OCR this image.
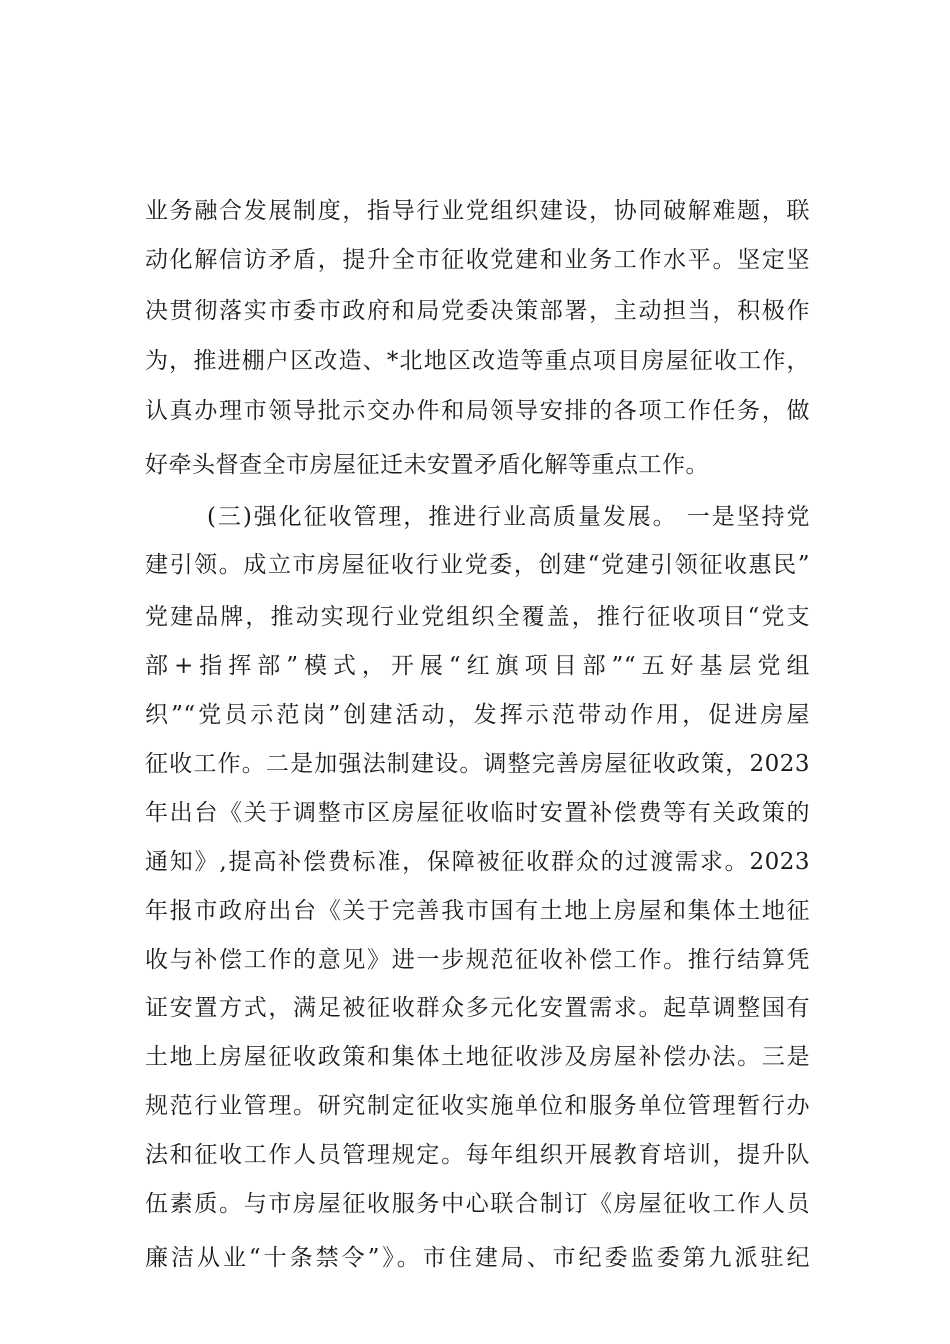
业务融合发展制度，指导行业党组织建设，协同破解难题，联
动化解信访矛盾，提升全市征收党建和业务工作水平。坚定坚
决贯彻落实市委市政府和局党委决策部署，主动担当，积极作
为，推进棚户区改造、*北地区改造等重点项目房屋征收工作，
认真办理市领导批示交办件和局领导安排的各项工作任务，做
好牵头督查全市房屋征迁未安置矛盾化解等重点工作。
(三)强化征收管理，推进行业高质量发展。 一是坚持党
建引领。成立市房屋征收行业党委，创建“党建引领征收惠民”
党建品牌，推动实现行业党组织全覆盖，推行征收项目“党支
部+指挥部”模式，开展“红旗项目部”“五好基层党组
织”“党员示范岗”创建活动，发挥示范带动作用，促进房屋
征收工作。二是加强法制建设。调整完善房屋征收政策，2023
年出台《关于调整市区房屋征收临时安置补偿费等有关政策的
通知》,提高补偿费标准，保障被征收群众的过渡需求。2023
年报市政府出台《关于完善我市国有土地上房屋和集体土地征
收与补偿工作的意见》进一步规范征收补偿工作。推行结算凭
证安置方式，满足被征收群众多元化安置需求。起草调整国有
土地上房屋征收政策和集体土地征收涉及房屋补偿办法。三是
规范行业管理。研究制定征收实施单位和服务单位管理暂行办
法和征收工作人员管理规定。每年组织开展教育培训，提升队
伍素质。与市房屋征收服务中心联合制订《房屋征收工作人员
廉洁从业“十条禁令”》。市住建局、市纪委监委第九派驻纪
